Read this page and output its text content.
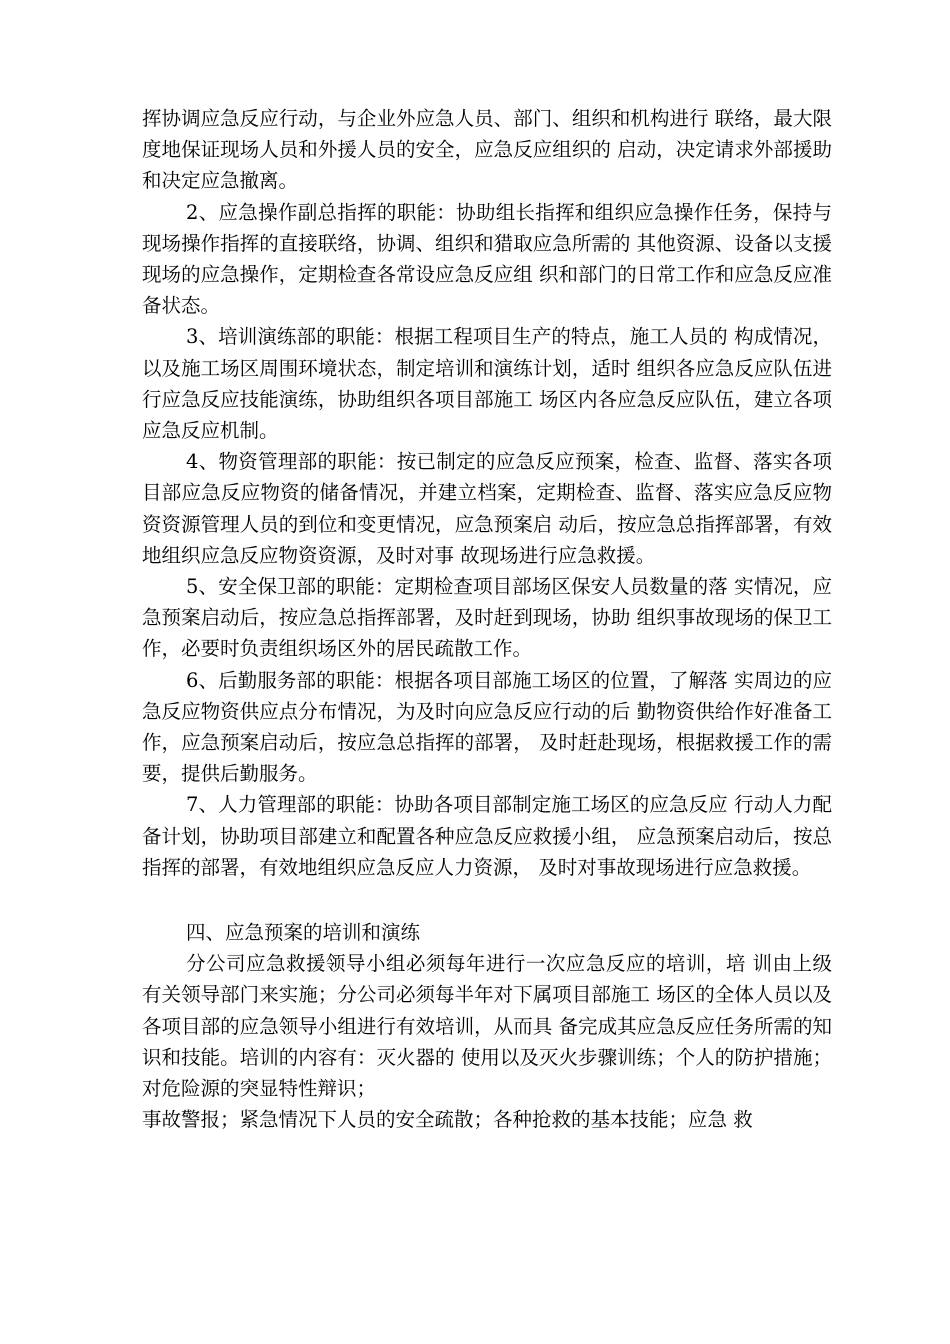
挥协调应急反应行动，与企业外应急人员、部门、组织和机构进行 联络，最大限度地保证现场人员和外援人员的安全，应急反应组织的 启动，决定请求外部援助和决定应急撤离。

2、应急操作副总指挥的职能：协助组长指挥和组织应急操作任务，保持与现场操作指挥的直接联络，协调、组织和猎取应急所需的 其他资源、设备以支援现场的应急操作，定期检查各常设应急反应组 织和部门的日常工作和应急反应准备状态。

3、培训演练部的职能：根据工程项目生产的特点，施工人员的 构成情况，以及施工场区周围环境状态，制定培训和演练计划，适时 组织各应急反应队伍进行应急反应技能演练，协助组织各项目部施工 场区内各应急反应队伍，建立各项应急反应机制。

4、物资管理部的职能：按已制定的应急反应预案，检查、监督、落实各项目部应急反应物资的储备情况，并建立档案，定期检查、监督、落实应急反应物资资源管理人员的到位和变更情况，应急预案启 动后，按应急总指挥部署，有效地组织应急反应物资资源，及时对事 故现场进行应急救援。

5、安全保卫部的职能：定期检查项目部场区保安人员数量的落 实情况，应急预案启动后，按应急总指挥部署，及时赶到现场，协助 组织事故现场的保卫工作，必要时负责组织场区外的居民疏散工作。

6、后勤服务部的职能：根据各项目部施工场区的位置，了解落 实周边的应急反应物资供应点分布情况，为及时向应急反应行动的后 勤物资供给作好准备工作，应急预案启动后，按应急总指挥的部署， 及时赶赴现场，根据救援工作的需要，提供后勤服务。

7、人力管理部的职能：协助各项目部制定施工场区的应急反应 行动人力配备计划，协助项目部建立和配置各种应急反应救援小组， 应急预案启动后，按总指挥的部署，有效地组织应急反应人力资源， 及时对事故现场进行应急救援。

四、应急预案的培训和演练

分公司应急救援领导小组必须每年进行一次应急反应的培训，培 训由上级有关领导部门来实施；分公司必须每半年对下属项目部施工 场区的全体人员以及各项目部的应急领导小组进行有效培训，从而具 备完成其应急反应任务所需的知识和技能。培训的内容有：灭火器的 使用以及灭火步骤训练；个人的防护措施；对危险源的突显特性辩识；

事故警报；紧急情况下人员的安全疏散；各种抢救的基本技能；应急 救
